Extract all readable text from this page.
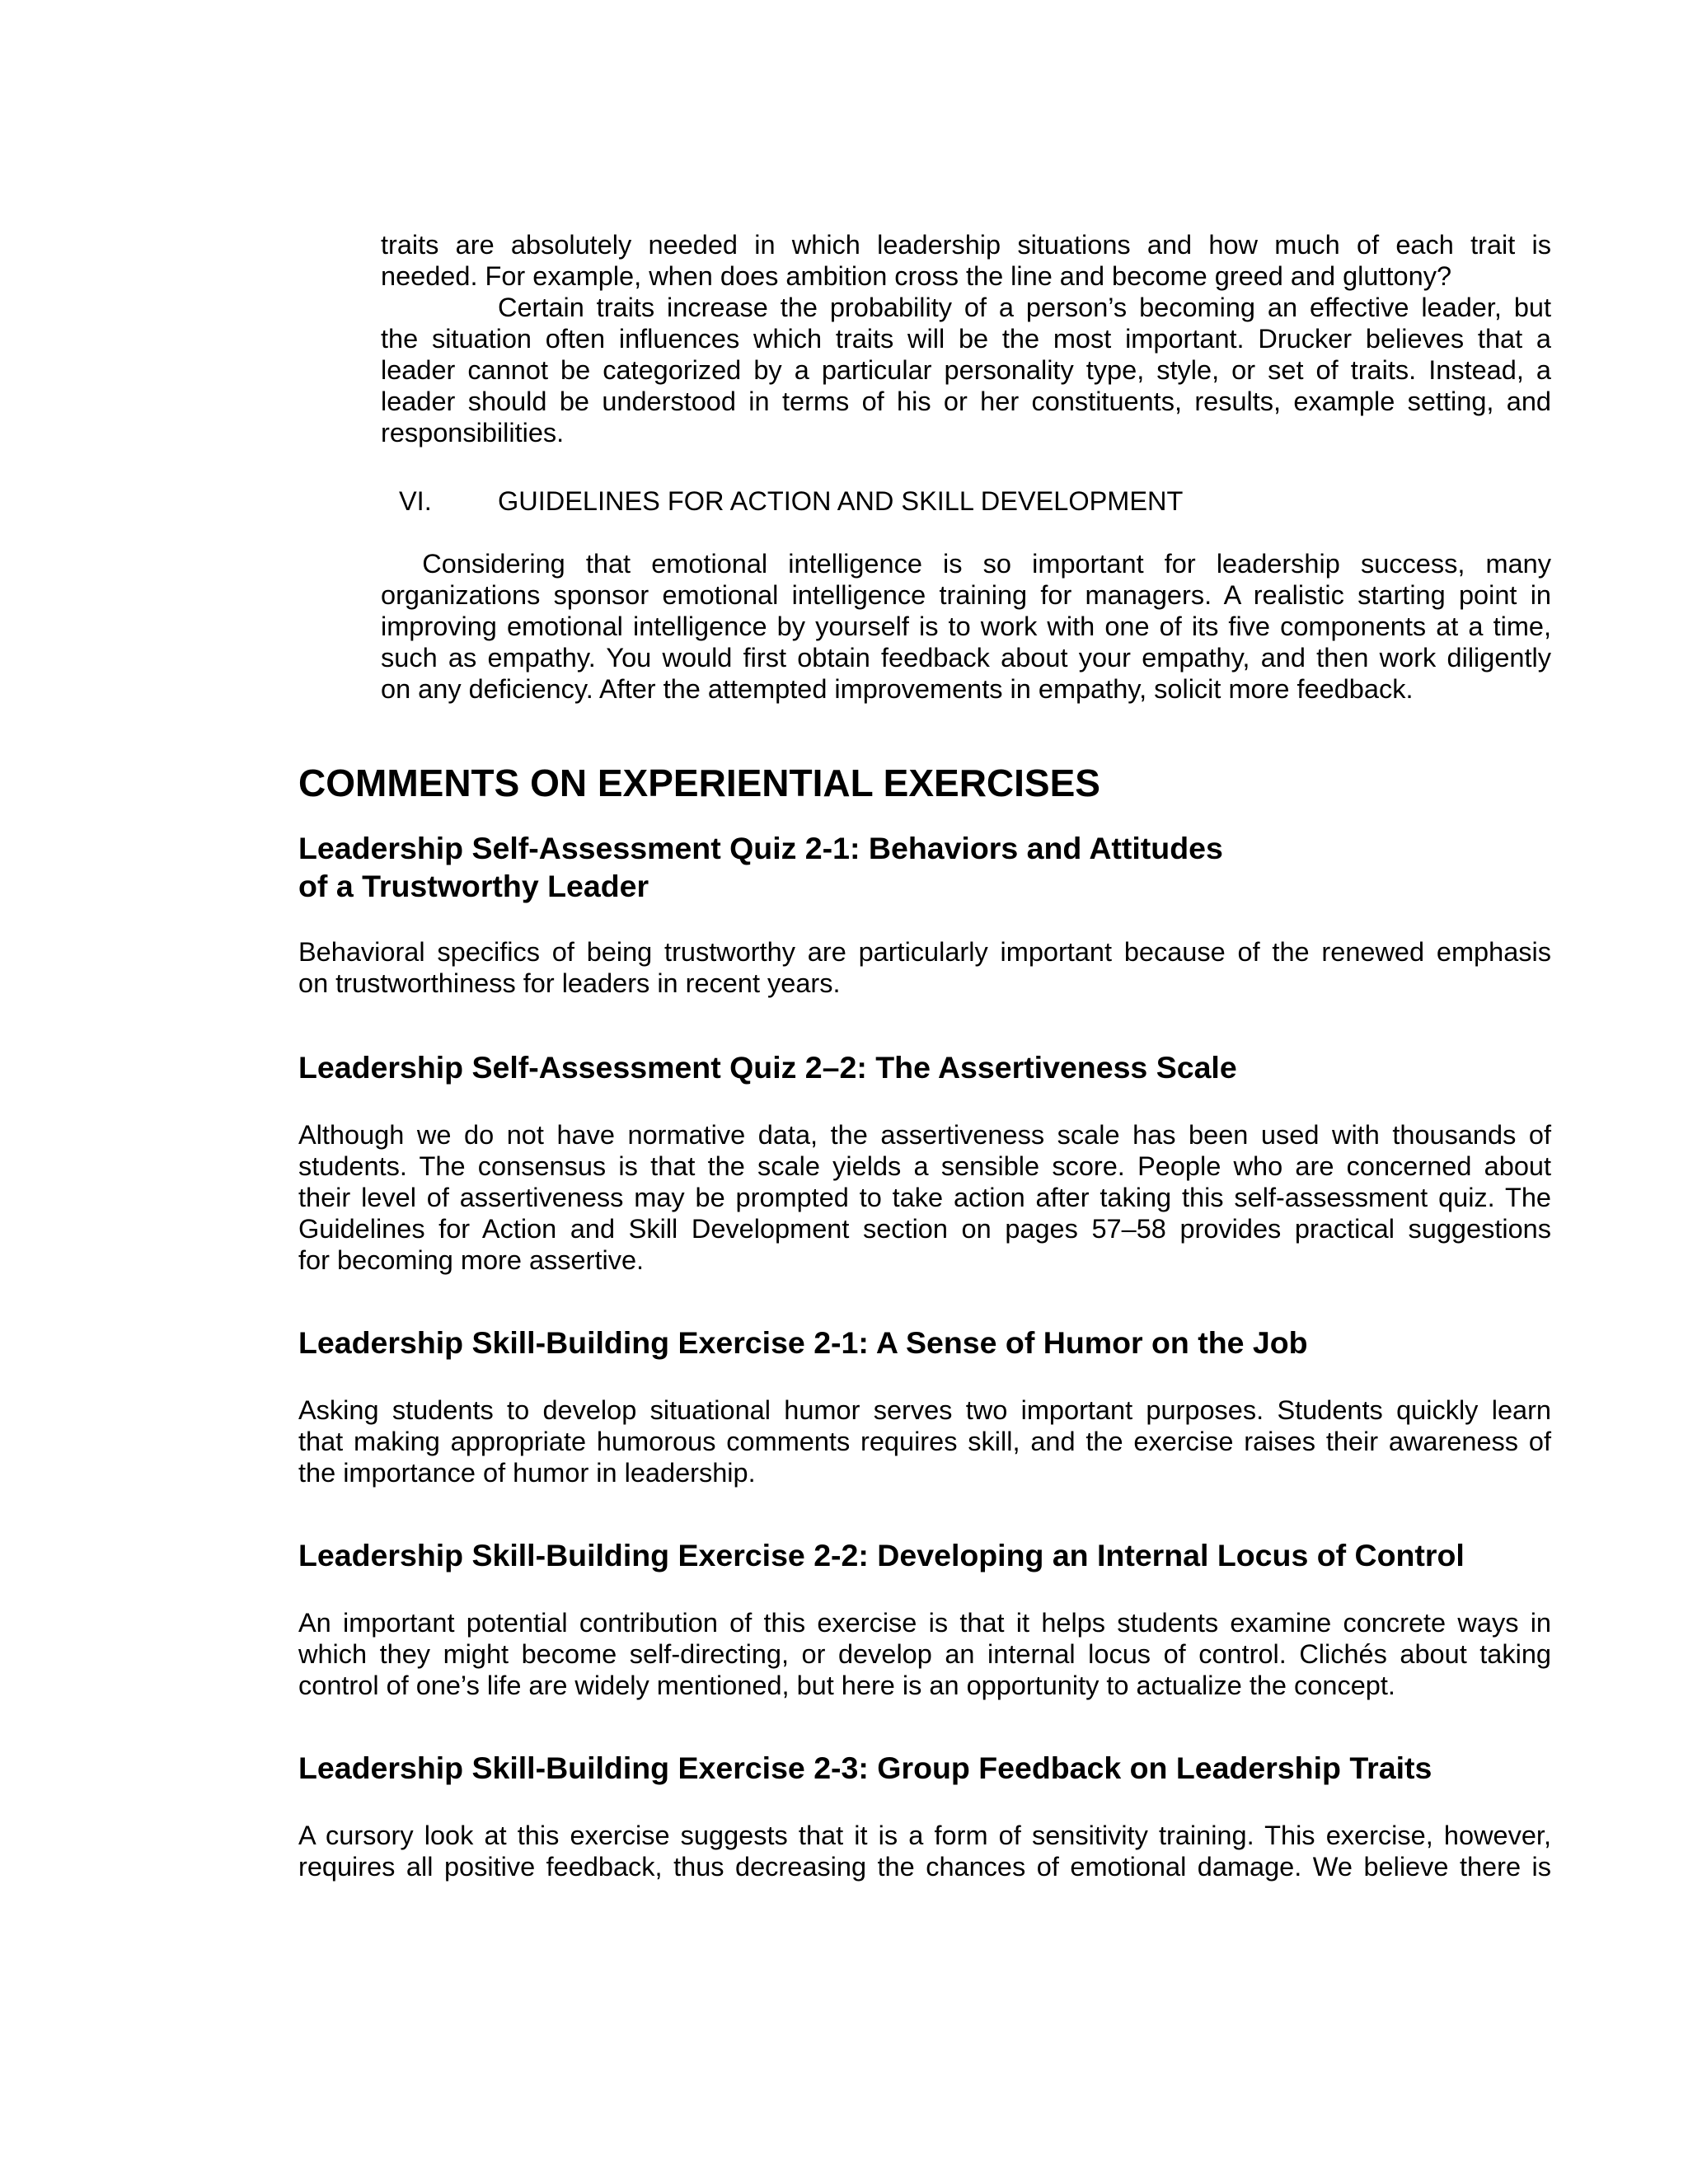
traits are absolutely needed in which leadership situations and how much of each trait is
needed. For example, when does ambition cross the line and become greed and gluttony?
Certain traits increase the probability of a person’s becoming an effective leader, but
the situation often influences which traits will be the most important. Drucker believes that a
leader cannot be categorized by a particular personality type, style, or set of traits. Instead, a
leader should be understood in terms of his or her constituents, results, example setting, and
responsibilities.
VI. GUIDELINES FOR ACTION AND SKILL DEVELOPMENT
Considering that emotional intelligence is so important for leadership success, many
organizations sponsor emotional intelligence training for managers. A realistic starting point in
improving emotional intelligence by yourself is to work with one of its five components at a time,
such as empathy. You would first obtain feedback about your empathy, and then work diligently
on any deficiency. After the attempted improvements in empathy, solicit more feedback.
COMMENTS ON EXPERIENTIAL EXERCISES
Leadership Self-Assessment Quiz 2-1: Behaviors and Attitudes
of a Trustworthy Leader
Behavioral specifics of being trustworthy are particularly important because of the renewed emphasis
on trustworthiness for leaders in recent years.
Leadership Self-Assessment Quiz 2–2: The Assertiveness Scale
Although we do not have normative data, the assertiveness scale has been used with thousands of
students. The consensus is that the scale yields a sensible score. People who are concerned about
their level of assertiveness may be prompted to take action after taking this self-assessment quiz. The
Guidelines for Action and Skill Development section on pages 57–58 provides practical suggestions
for becoming more assertive.
Leadership Skill-Building Exercise 2-1: A Sense of Humor on the Job
Asking students to develop situational humor serves two important purposes. Students quickly learn
that making appropriate humorous comments requires skill, and the exercise raises their awareness of
the importance of humor in leadership.
Leadership Skill-Building Exercise 2-2: Developing an Internal Locus of Control
An important potential contribution of this exercise is that it helps students examine concrete ways in
which they might become self-directing, or develop an internal locus of control. Clichés about taking
control of one’s life are widely mentioned, but here is an opportunity to actualize the concept.
Leadership Skill-Building Exercise 2-3: Group Feedback on Leadership Traits
A cursory look at this exercise suggests that it is a form of sensitivity training. This exercise, however,
requires all positive feedback, thus decreasing the chances of emotional damage. We believe there is
